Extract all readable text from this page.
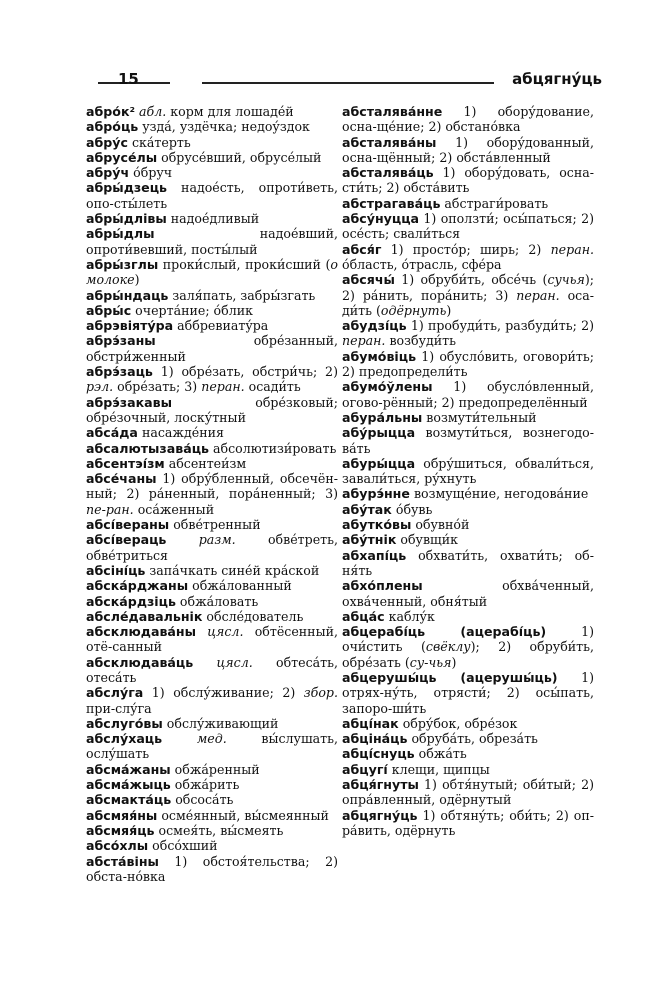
15	абцягну́ць
абро́к² абл. корм для лошаде́й
абро́ць узда́, уздёчка; недоу́здок
абру́с ска́терть
абрусе́лы обрусе́вший, обрусе́лый
абру́ч о́бруч
абры́дзець надое́сть, опроти́веть, опо-сты́леть
абры́длівы надое́дливый
абры́длы надое́вший, опроти́вевший, посты́лый
абры́зглы проки́слый, проки́сший (о молоке)
абры́ндаць заля́пать, забры́згать
абры́с очерта́ние; о́блик
абрэвіяту́ра аббревиату́ра
абрэ́заны обре́занный, обстри́женный
абрэ́заць 1) обре́зать, обстри́чь; 2) рэл. обре́зать; 3) перан. осади́ть
абрэ́закавы обре́зковый; обре́зочный, лоску́тный
абса́да насажде́ния
абсалютызава́ць абсолютизи́ровать
абсентэі́зм абсентеи́зм
абсе́чаны 1) обру́бленный, обсечён-ный; 2) ра́ненный, пора́ненный; 3) пе-ран. оса́женный
абсі́вераны обве́тренный
абсі́вераць	разм. обве́треть, обве́триться
абсіні́ць запа́чкать сине́й кра́ской
абска́рджаны обжа́лованный
абска́рдзіць обжа́ловать
абсле́давальнік обсле́дователь
абсклюдава́ны цясл. обтёсенный, отё-санный
абсклюдава́ць цясл. обтеса́ть, отеса́ть
абслу́га 1) обслу́живание; 2) збор. при-слу́га
абслуго́вы обслу́живающий
абслу́хаць	мед. вы́слушать, ослу́шать
абсма́жаны обжа́ренный
абсма́жыць обжа́рить
абсмакта́ць обсоса́ть
абсмяя́ны осме́янный, вы́смеянный
абсмяя́ць осмея́ть, вы́смеять
абсо́хлы обсо́хший
абста́віны 1) обстоя́тельства; 2) обста-но́вка
абсталява́нне 1) обору́дование, осна-ще́ние; 2) обстано́вка
абсталява́ны 1) обору́дованный, осна-щённый; 2) обста́вленный
абсталява́ць 1) обору́довать, осна-сти́ть; 2) обста́вить
абстрагава́ць абстраги́ровать
абсу́нуцца 1) оползти́; осы́паться; 2) осе́сть; свали́ться
абся́г 1) просто́р; ширь; 2) перан. о́бласть, о́трасль, сфе́ра
абсячы́ 1) обруби́ть, обсе́чь (сучья); 2) ра́нить, пора́нить; 3) перан. оса-ди́ть (одёрнуть)
абудзі́ць 1) пробуди́ть, разбуди́ть; 2) перан. возбуди́ть
абумо́віць 1) обусло́вить, оговори́ть; 2) предопредели́ть
абумо́ўлены 1) обусло́вленный, огово-рённый; 2) предопределённый
абура́льны возмути́тельный
абу́рыцца возмути́ться, вознегодо-ва́ть
абуры́цца обру́шиться, обвали́ться, завали́ться, ру́хнуть
абурэ́нне возмуще́ние, негодова́ние
абу́так о́бувь
абутко́вы обувно́й
абу́тнік обувщи́к
абхапі́ць обхвати́ть, охвати́ть; об-ня́ть
абхо́плены обхва́ченный, охва́ченный, обня́тый
абца́с каблу́к
абцерабі́ць (ацерабі́ць) 1) очи́стить (свёклу); 2) обруби́ть, обре́зать (су-чья)
абцерушы́ць (ацерушы́ць) 1) отрях-ну́ть, отрясти́; 2) осы́пать, запоро-ши́ть
абці́нак обру́бок, обре́зок
абціна́ць обруба́ть, обреза́ть
абці́снуць обжа́ть
абцугі́ клещи, щипцы
абця́гнуты 1) обтя́нутый; оби́тый; 2) опра́вленный, одёрнутый
абцягну́ць 1) обтяну́ть; оби́ть; 2) оп-ра́вить, одёрнуть
